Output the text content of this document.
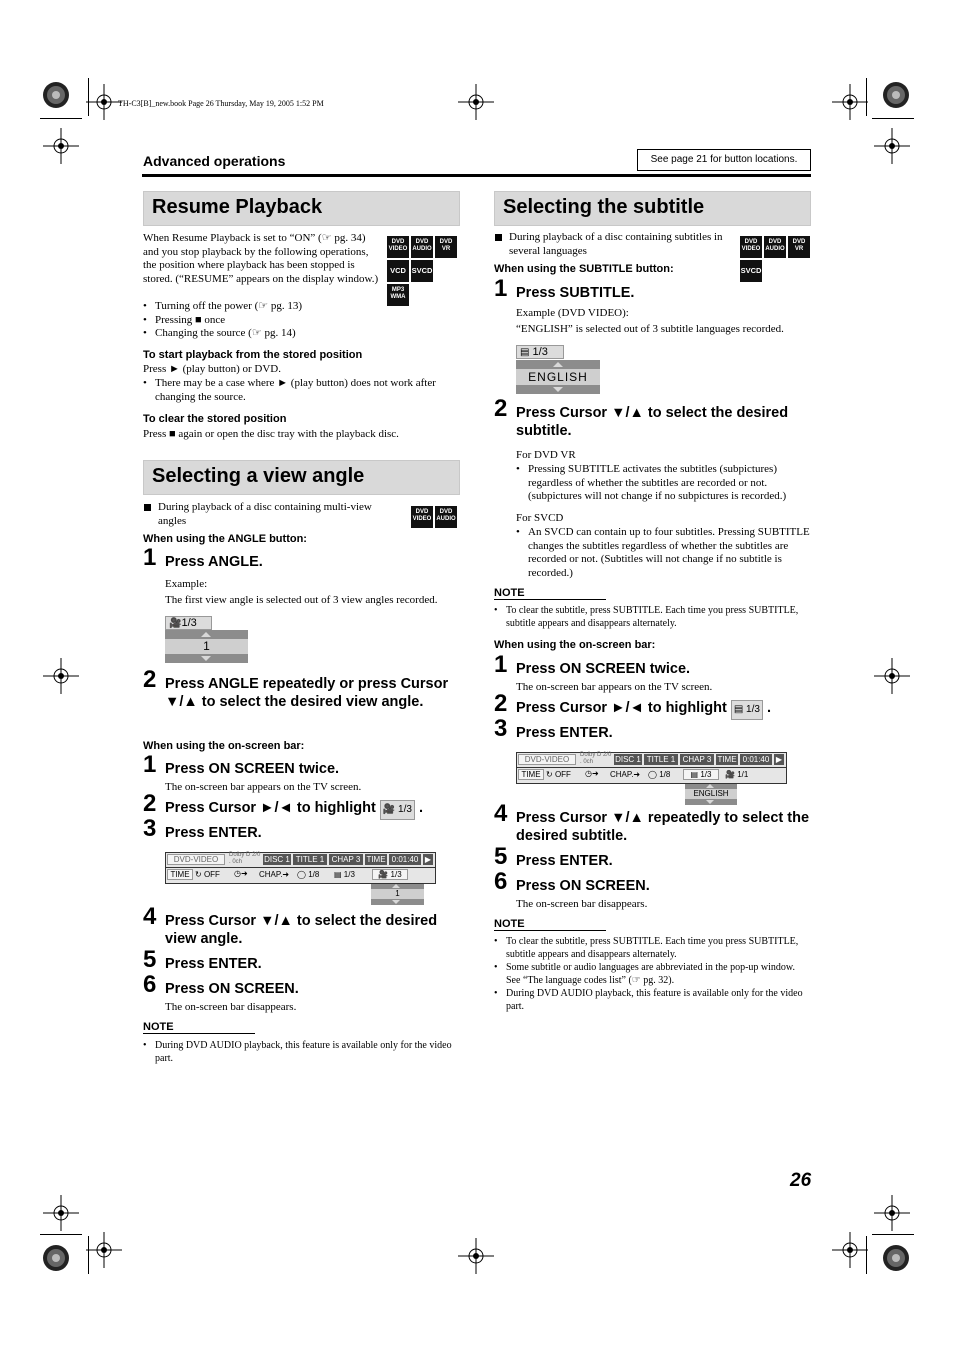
TH-C3[B]_new.book Page 26 Thursday, May 19, 2005 1:52 PM
Advanced operations	See page 21 for button locations.
Resume Playback
When Resume Playback is set to “ON” (☞ pg. 34) and you stop playback by the following operations, the position where playback has been stopped is stored. (“RESUME” appears on the display window.)
DVD VIDEO
DVD AUDIO
DVD VR
VCD SVCD
MP3 WMA
• Turning off the power (☞ pg. 13)
• Pressing ■ once
• Changing the source (☞ pg. 14)
To start playback from the stored position
Press ► (play button) or DVD.
• There may be a case where ► (play button) does not work after changing the source.
To clear the stored position
Press ■ again or open the disc tray with the playback disc.
Selecting a view angle
During playback of a disc containing multi-view angles
DVD VIDEO
DVD AUDIO
When using the ANGLE button:
1 Press ANGLE.
Example:
The first view angle is selected out of 3 view angles recorded.
🎥1/3
1
2 Press ANGLE repeatedly or press Cursor ▼/▲ to select the desired view angle.
When using the on-screen bar:
1 Press ON SCREEN twice.
The on-screen bar appears on the TV screen.
2 Press Cursor ►/◄ to highlight 🎥 1/3 .
3 Press ENTER.
DVD-VIDEO	Dolby D 2/0 . 0ch	DISC 1 TITLE 1 CHAP 3 TIME 0:01:40 ▶
TIME ↻ OFF ◷➜ CHAP.➜ ◯ 1/8 ▤ 1/3	🎥 1/3
1
4 Press Cursor ▼/▲ to select the desired view angle.
5 Press ENTER.
6 Press ON SCREEN.
The on-screen bar disappears.
NOTE
• During DVD AUDIO playback, this feature is available only for the video part.
Selecting the subtitle
During playback of a disc containing subtitles in several languages
DVD VIDEO
DVD AUDIO
DVD VR
SVCD
When using the SUBTITLE button:
1 Press SUBTITLE.
Example (DVD VIDEO):
“ENGLISH” is selected out of 3 subtitle languages recorded.
▤ 1/3
ENGLISH
2 Press Cursor ▼/▲ to select the desired subtitle.
For DVD VR
• Pressing SUBTITLE activates the subtitles (subpictures) regardless of whether the subtitles are recorded or not. (subpictures will not change if no subpictures is recorded.)
For SVCD
• An SVCD can contain up to four subtitles. Pressing SUBTITLE changes the subtitles regardless of whether the subtitles are recorded or not. (Subtitles will not change if no subtitle is recorded.)
NOTE
• To clear the subtitle, press SUBTITLE. Each time you press SUBTITLE, subtitle appears and disappears alternately.
When using the on-screen bar:
1 Press ON SCREEN twice.
The on-screen bar appears on the TV screen.
2 Press Cursor ►/◄ to highlight ▤ 1/3 .
3 Press ENTER.
DVD-VIDEO	Dolby D 2/0 . 0ch	DISC 1 TITLE 1 CHAP 3 TIME 0:01:40 ▶
TIME ↻ OFF ◷➜ CHAP.➜ ◯ 1/8	▤ 1/3	🎥 1/1
ENGLISH
4 Press Cursor ▼/▲ repeatedly to select the desired subtitle.
5 Press ENTER.
6 Press ON SCREEN.
The on-screen bar disappears.
NOTE
• To clear the subtitle, press SUBTITLE. Each time you press SUBTITLE, subtitle appears and disappears alternately.
• Some subtitle or audio languages are abbreviated in the pop-up window. See “The language codes list” (☞ pg. 32).
• During DVD AUDIO playback, this feature is available only for the video part.
26
